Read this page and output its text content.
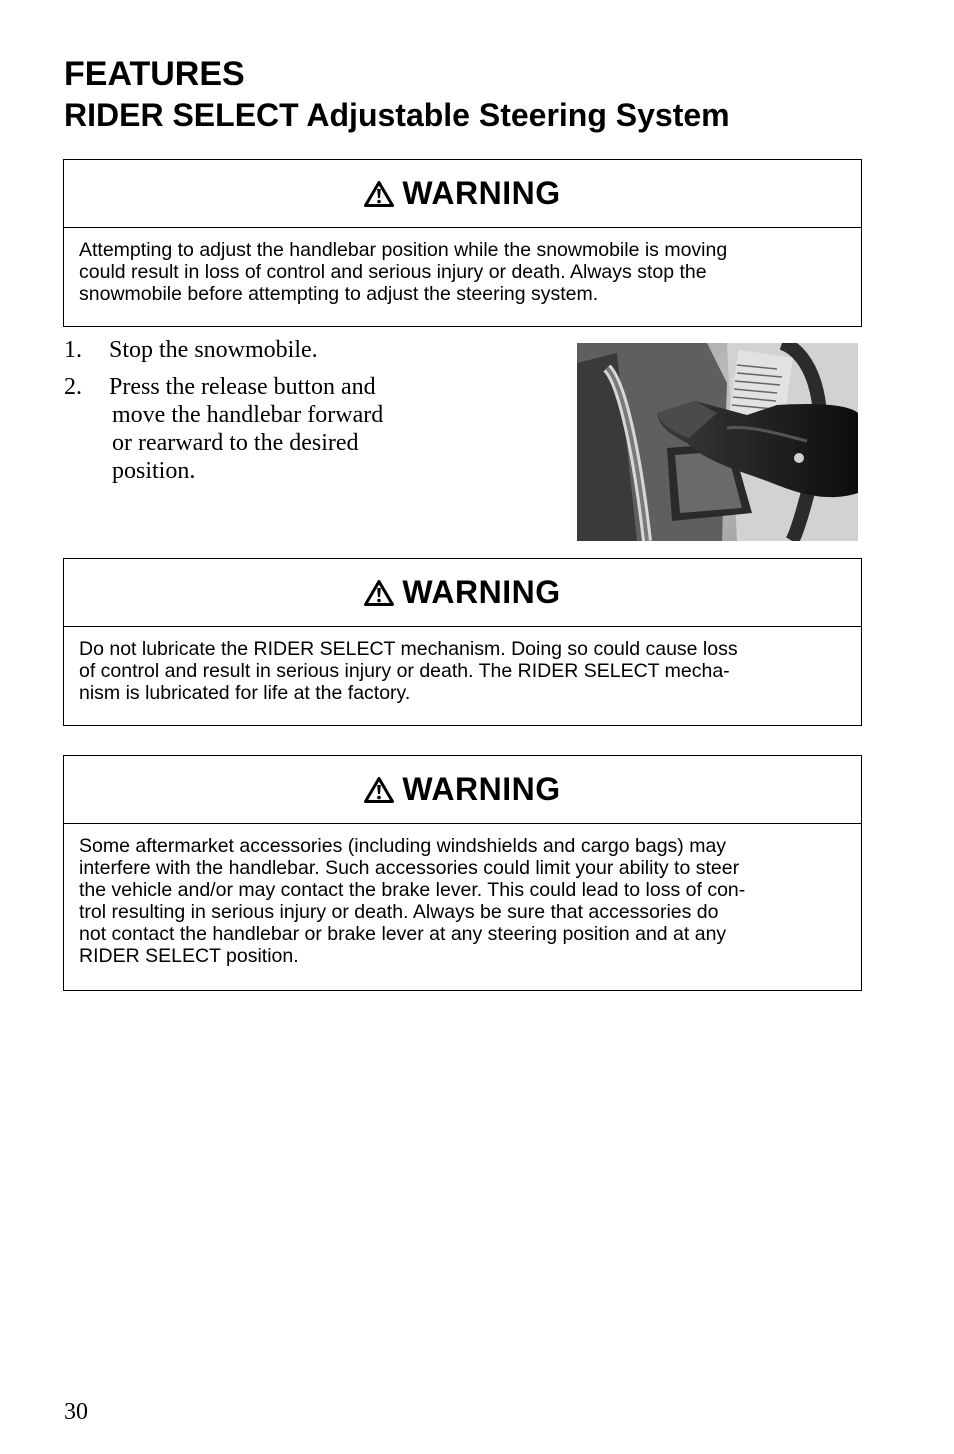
FEATURES
RIDER SELECT Adjustable Steering System
WARNING
Attempting to adjust the handlebar position while the snowmobile is moving
could result in loss of control and serious injury or death. Always stop the
snowmobile before attempting to adjust the steering system.
1. Stop the snowmobile.
2. Press the release button and
move the handlebar forward
or rearward to the desired
position.
WARNING
Do not lubricate the RIDER SELECT mechanism. Doing so could cause loss
of control and result in serious injury or death. The RIDER SELECT mecha-
nism is lubricated for life at the factory.
WARNING
Some aftermarket accessories (including windshields and cargo bags) may
interfere with the handlebar. Such accessories could limit your ability to steer
the vehicle and/or may contact the brake lever. This could lead to loss of con-
trol resulting in serious injury or death. Always be sure that accessories do
not contact the handlebar or brake lever at any steering position and at any
RIDER SELECT position.
30
